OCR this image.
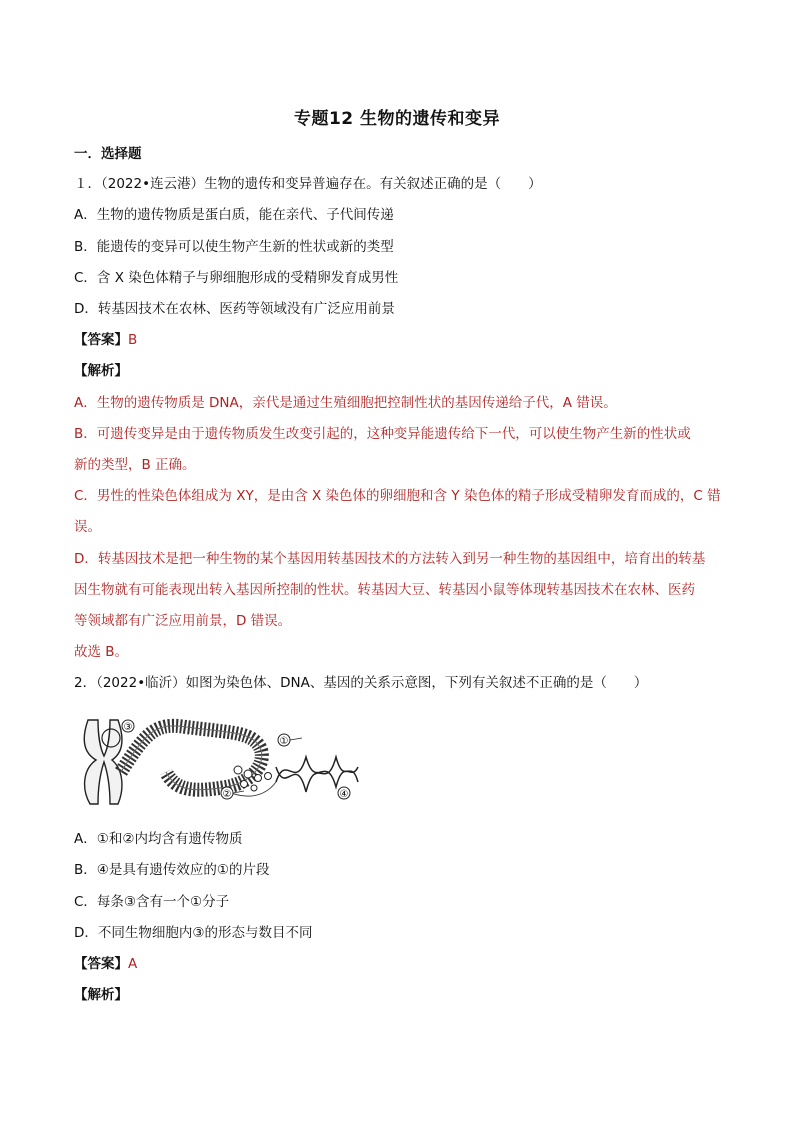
专题12 生物的遗传和变异
一．选择题
１．（2022•连云港）生物的遗传和变异普遍存在。有关叙述正确的是（　　）
A．生物的遗传物质是蛋白质，能在亲代、子代间传递
B．能遗传的变异可以使生物产生新的性状或新的类型
C．含 X 染色体精子与卵细胞形成的受精卵发育成男性
D．转基因技术在农林、医药等领域没有广泛应用前景
【答案】B
【解析】
A．生物的遗传物质是 DNA，亲代是通过生殖细胞把控制性状的基因传递给子代，A 错误。
B．可遗传变异是由于遗传物质发生改变引起的，这种变异能遗传给下一代，可以使生物产生新的性状或
新的类型，B 正确。
C．男性的性染色体组成为 XY，是由含 X 染色体的卵细胞和含 Y 染色体的精子形成受精卵发育而成的，C 错
误。
D．转基因技术是把一种生物的某个基因用转基因技术的方法转入到另一种生物的基因组中，培育出的转基
因生物就有可能表现出转入基因所控制的性状。转基因大豆、转基因小鼠等体现转基因技术在农林、医药
等领域都有广泛应用前景，D 错误。
故选 B。
2．（2022•临沂）如图为染色体、DNA、基因的关系示意图，下列有关叙述不正确的是（　　）
③
①
②	④
A．①和②内均含有遗传物质
B．④是具有遗传效应的①的片段
C．每条③含有一个①分子
D．不同生物细胞内③的形态与数目不同
【答案】A
【解析】
